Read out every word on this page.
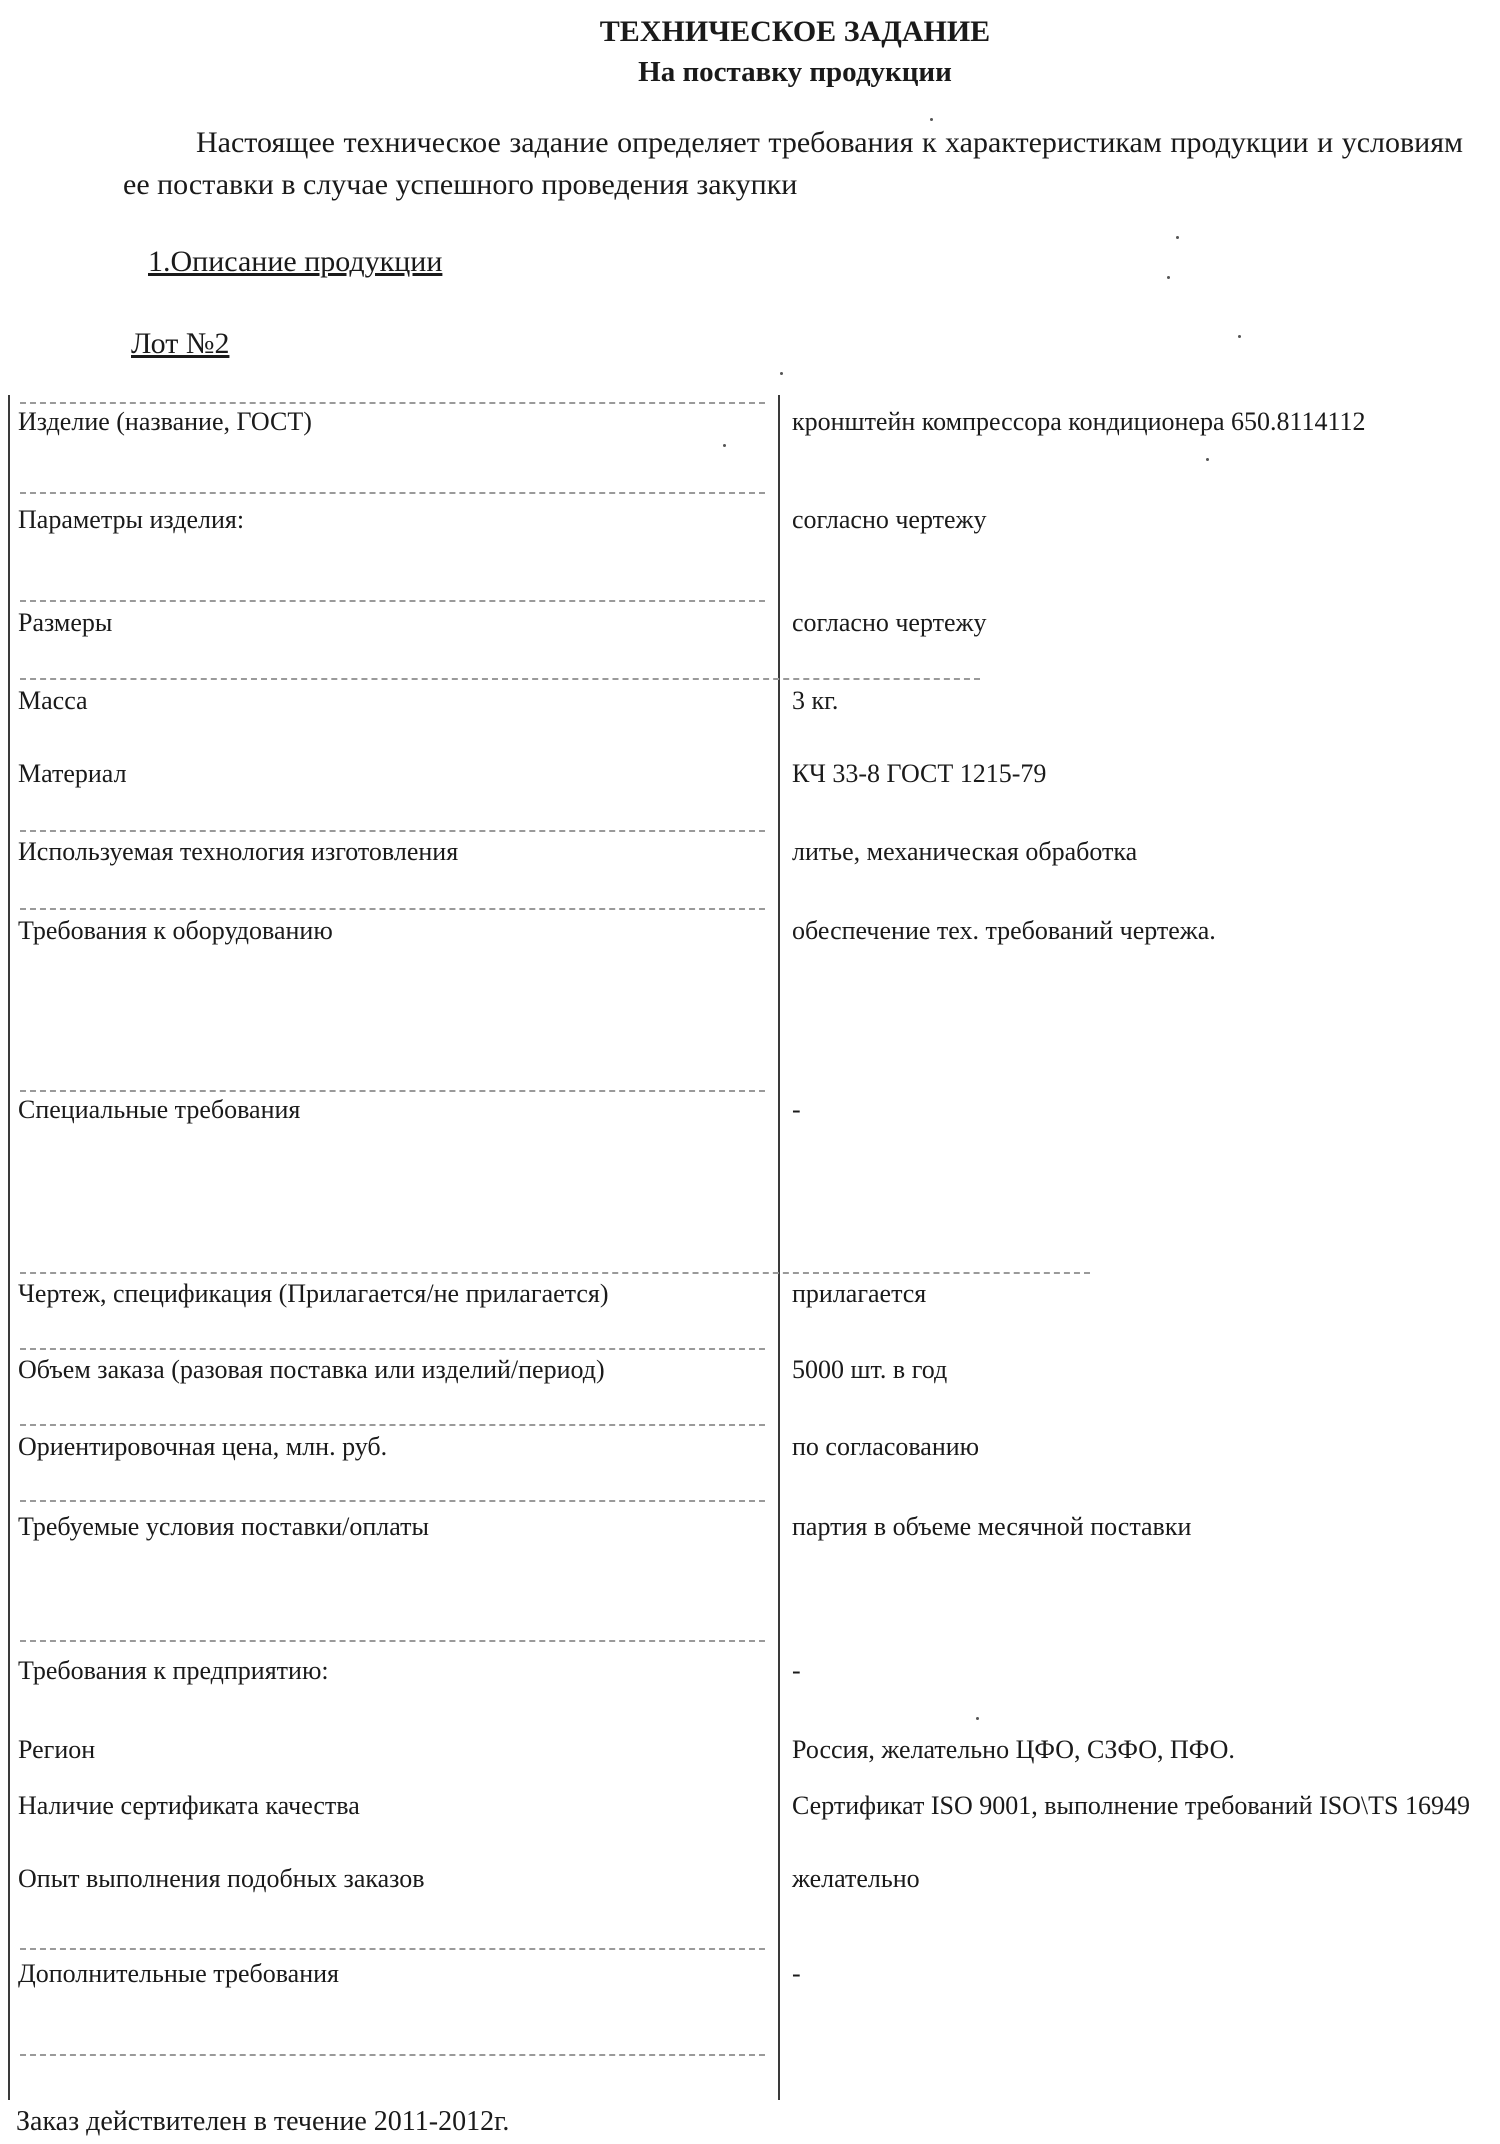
ТЕХНИЧЕСКОЕ ЗАДАНИЕ
На поставку продукции
Настоящее техническое задание определяет требования к характеристикам продукции и условиям ее поставки в случае успешного проведения закупки
1.Описание продукции
Лот №2
Изделие (название, ГОСТ)	кронштейн компрессора кондиционера 650.8114112
Параметры изделия:	согласно чертежу
Размеры	согласно чертежу
Масса	3 кг.
Материал	КЧ 33-8 ГОСТ 1215-79
Используемая технология изготовления	литье, механическая обработка
Требования к оборудованию	обеспечение тех. требований чертежа.
Специальные требования	-
Чертеж, спецификация (Прилагается/не прилагается)	прилагается
Объем заказа (разовая поставка или изделий/период)	5000 шт. в год
Ориентировочная цена, млн. руб.	по согласованию
Требуемые условия поставки/оплаты	партия в объеме месячной поставки
Требования к предприятию:	-
Регион	Россия, желательно ЦФО, СЗФО, ПФО.
Наличие сертификата качества	Сертификат ISO 9001, выполнение требований ISO\TS 16949
Опыт выполнения подобных заказов	желательно
Дополнительные требования	-
Заказ действителен в течение 2011-2012г.
